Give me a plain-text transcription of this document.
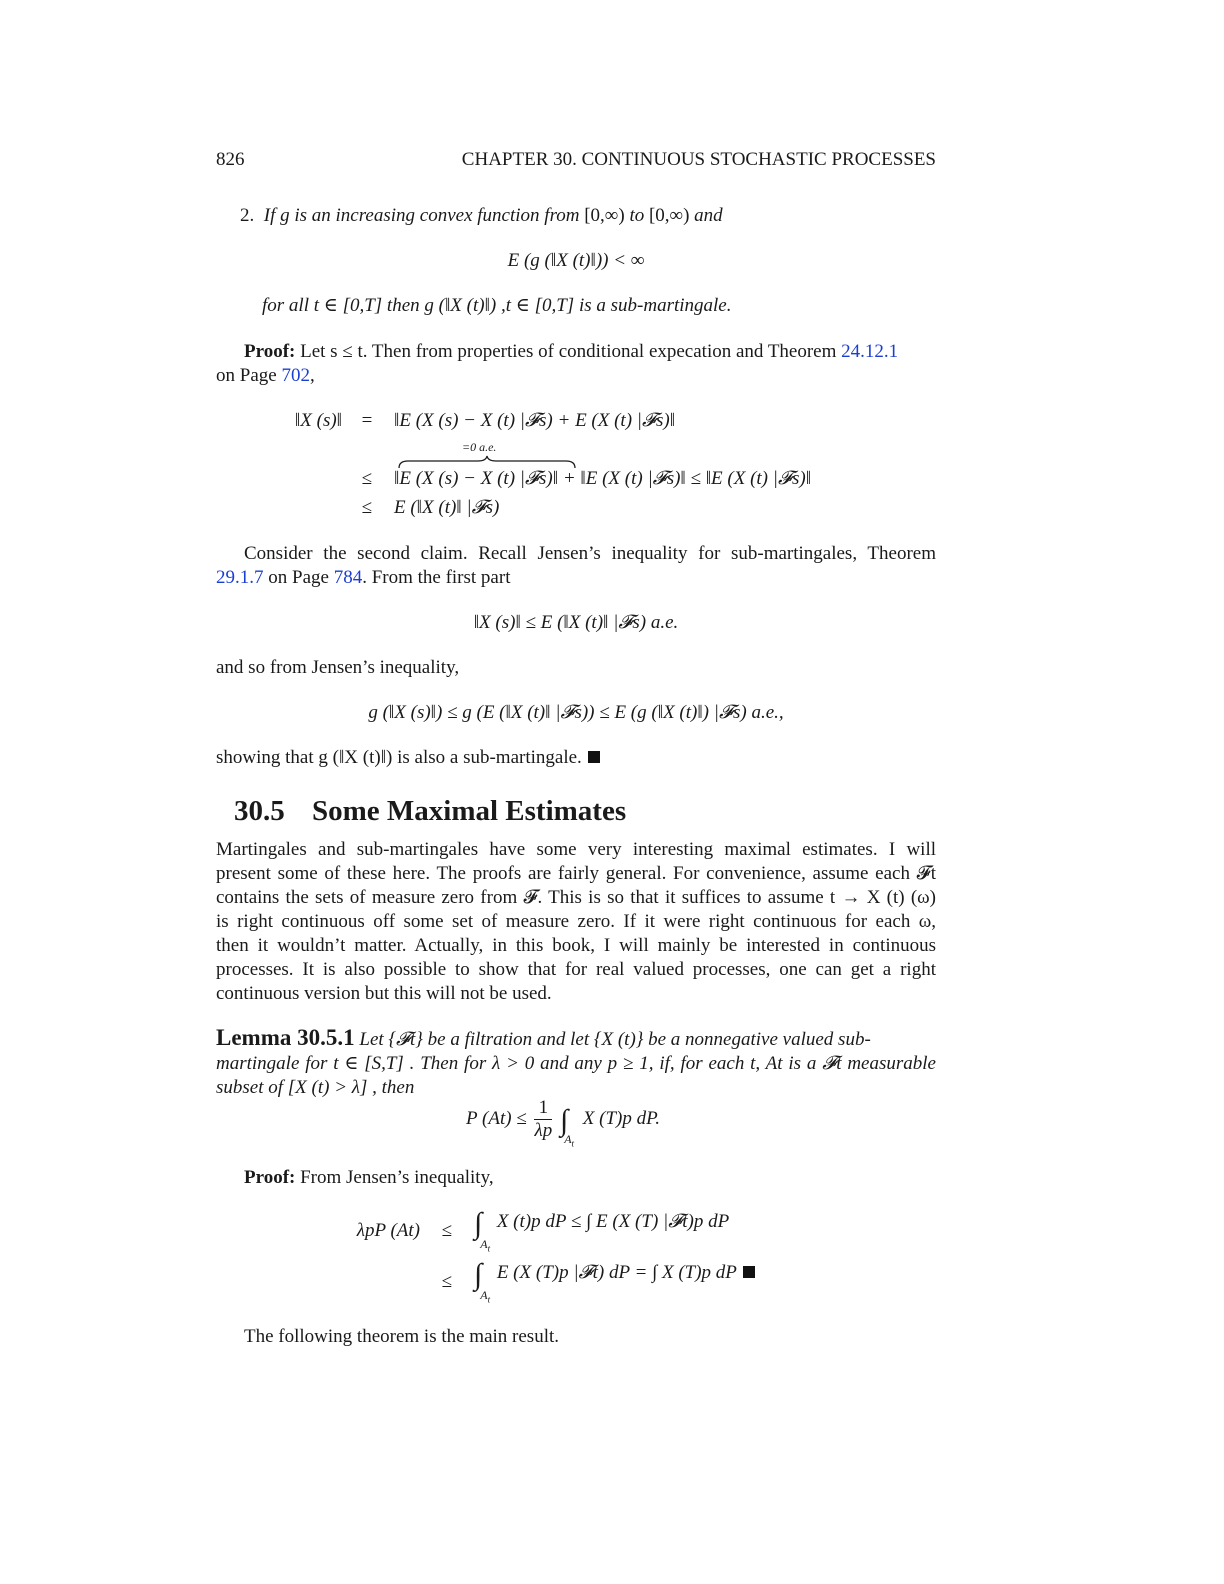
826	CHAPTER 30. CONTINUOUS STOCHASTIC PROCESSES
2. If g is an increasing convex function from [0,∞) to [0,∞) and
E (g (‖X (t)‖)) < ∞
for all t ∈ [0,T] then g (‖X (t)‖) ,t ∈ [0,T] is a sub-martingale.
Proof: Let s ≤ t. Then from properties of conditional expecation and Theorem 24.12.1
on Page 702,
‖X (s)‖	=	‖E (X (s) − X (t) |𝓕s) + E (X (t) |𝓕s)‖
=0 a.e.
≤	‖E (X (s) − X (t) |𝓕s)‖ + ‖E (X (t) |𝓕s)‖ ≤ ‖E (X (t) |𝓕s)‖
≤	E (‖X (t)‖ |𝓕s)
Consider the second claim. Recall Jensen’s inequality for sub-martingales, Theorem
29.1.7 on Page 784. From the first part
‖X (s)‖ ≤ E (‖X (t)‖ |𝓕s) a.e.
and so from Jensen’s inequality,
g (‖X (s)‖) ≤ g (E (‖X (t)‖ |𝓕s)) ≤ E (g (‖X (t)‖) |𝓕s) a.e.,
showing that g (‖X (t)‖) is also a sub-martingale.
30.5 Some Maximal Estimates
Martingales and sub-martingales have some very interesting maximal estimates. I will
present some of these here. The proofs are fairly general. For convenience, assume each 𝓕t
contains the sets of measure zero from 𝓕. This is so that it suffices to assume t → X (t) (ω)
is right continuous off some set of measure zero. If it were right continuous for each ω,
then it wouldn’t matter. Actually, in this book, I will mainly be interested in continuous
processes. It is also possible to show that for real valued processes, one can get a right
continuous version but this will not be used.
Lemma 30.5.1 Let {𝓕t} be a filtration and let {X (t)} be a nonnegative valued sub-
martingale for t ∈ [S,T] . Then for λ > 0 and any p ≥ 1, if, for each t, At is a 𝓕t measurable
subset of [X (t) > λ] , then
P $(At) \le \frac{1}{\lambda p} \int_{A_t}$ X (T)p dP.
Proof: From Jensen’s inequality,
λpP (At)	≤ $\int_{A_t}$ X (t)p dP ≤ ∫ E (X (T) |𝓕t)p dP
≤ $\int_{A_t}$ E (X (T)p |𝓕t) dP = ∫ X (T)p dP
The following theorem is the main result.
